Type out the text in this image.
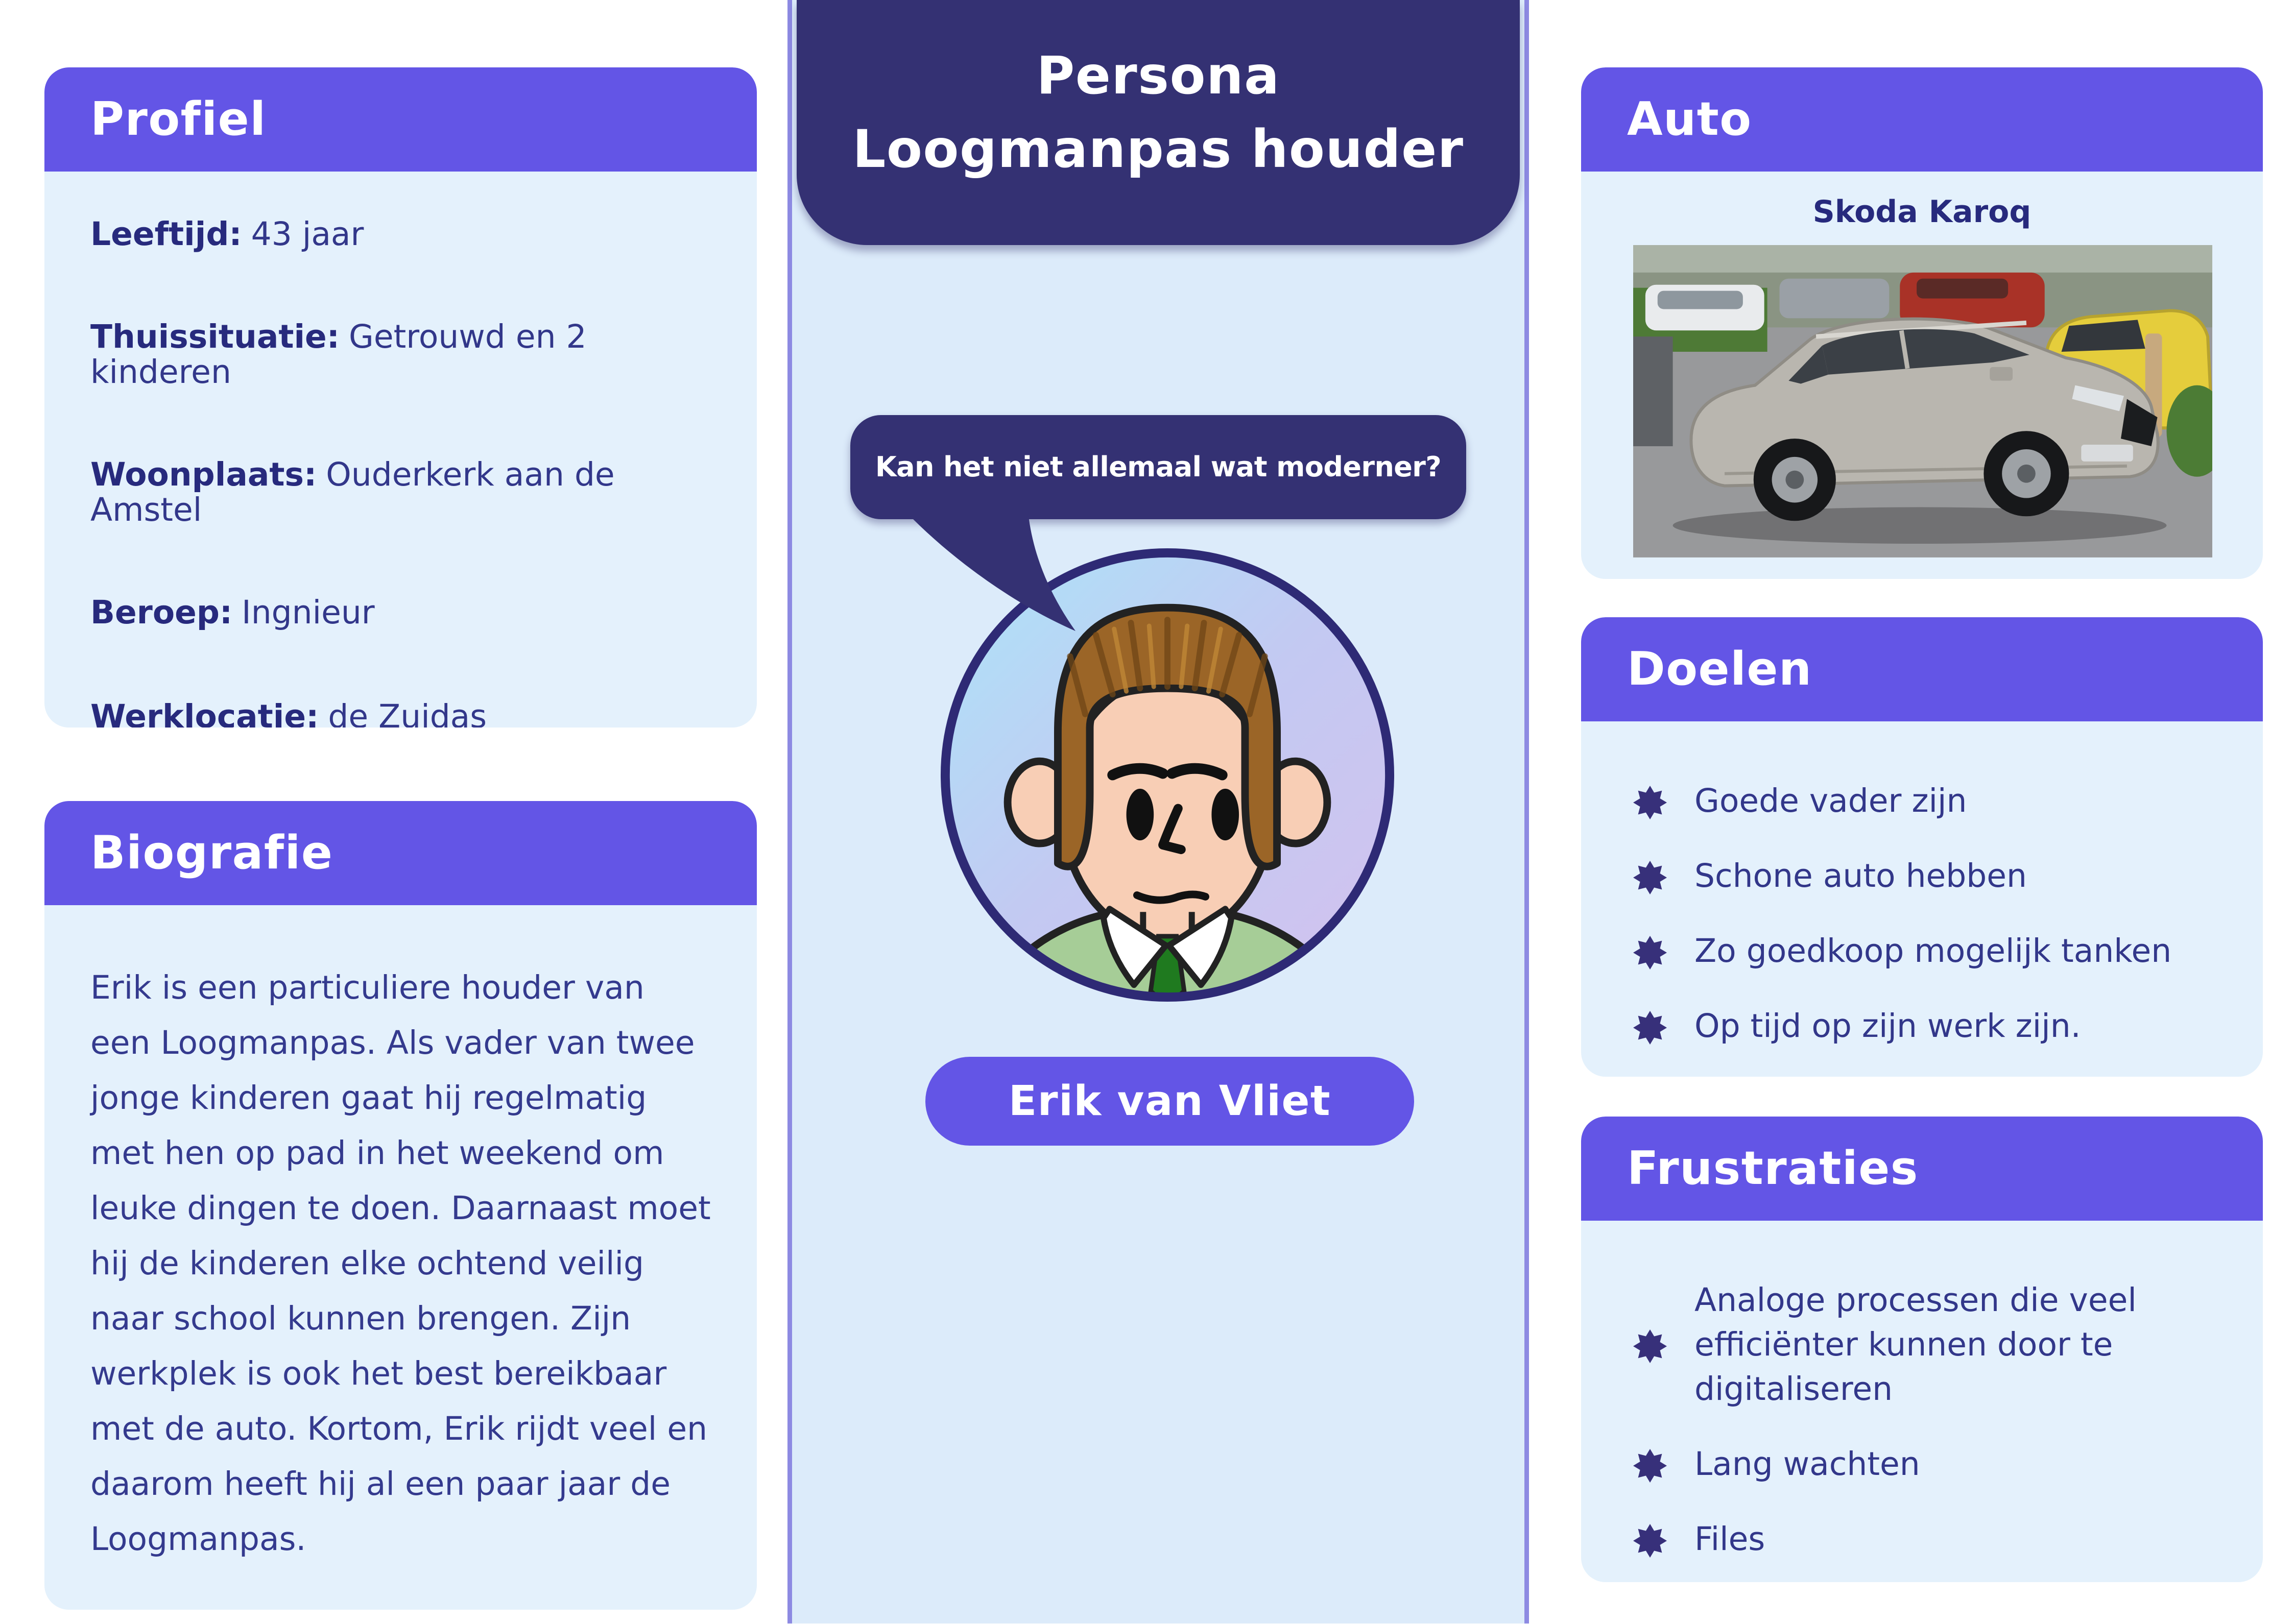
Profiel

Leeftijd: 43 jaar

Thuissituatie: Getrouwd en 2 kinderen

Woonplaats: Ouderkerk aan de Amstel

Beroep: Ingnieur

Werklocatie: de Zuidas

Biografie

Erik is een particuliere houder van een Loogmanpas. Als vader van twee jonge kinderen gaat hij regelmatig met hen op pad in het weekend om leuke dingen te doen. Daarnaast moet hij de kinderen elke ochtend veilig naar school kunnen brengen. Zijn werkplek is ook het best bereikbaar met de auto. Kortom, Erik rijdt veel en daarom heeft hij al een paar jaar de Loogmanpas.

Persona
Loogmanpas houder
Kan het niet allemaal wat moderner?
Erik van Vliet
Auto
Skoda Karoq
Doelen
Goede vader zijn
Schone auto hebben
Zo goedkoop mogelijk tanken
Op tijd op zijn werk zijn.
Frustraties
Analoge processen die veel efficiënter kunnen door te digitaliseren
Lang wachten
Files
